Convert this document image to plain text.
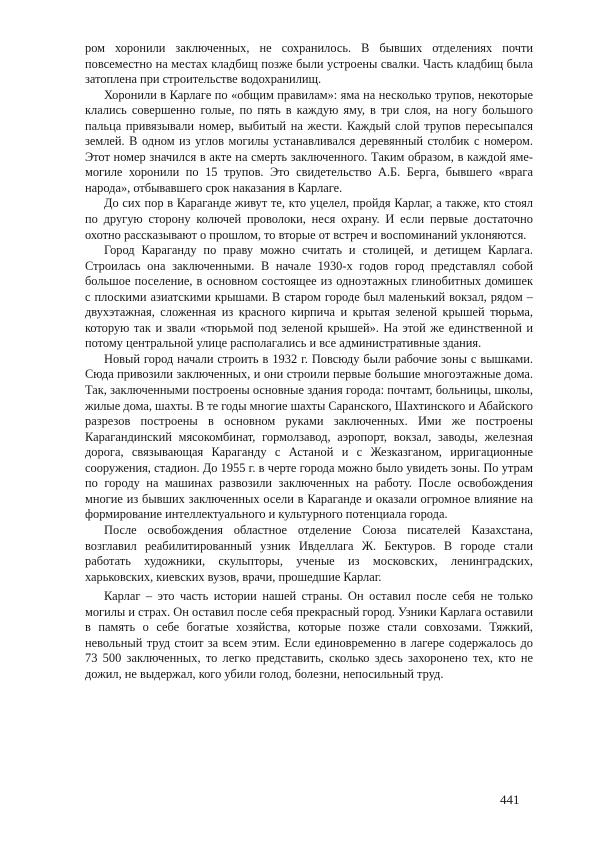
ром хоронили заключенных, не сохранилось. В бывших отделениях почти повсеместно на местах кладбищ позже были устроены свалки. Часть кладбищ была затоплена при строительстве водохранилищ.

Хоронили в Карлаге по «общим правилам»: яма на несколько трупов, некоторые клались совершенно голые, по пять в каждую яму, в три слоя, на ногу большого пальца привязывали номер, выбитый на жести. Каждый слой трупов пересыпался землей. В одном из углов могилы устанавливался деревянный столбик с номером. Этот номер значился в акте на смерть заключенного. Таким образом, в каждой яме-могиле хоронили по 15 трупов. Это свидетельство А.Б. Берга, бывшего «врага народа», отбывавшего срок наказания в Карлаге.

До сих пор в Караганде живут те, кто уцелел, пройдя Карлаг, а также, кто стоял по другую сторону колючей проволоки, неся охрану. И если первые достаточно охотно рассказывают о прошлом, то вторые от встреч и воспоминаний уклоняются.

Город Караганду по праву можно считать и столицей, и детищем Карлага. Строилась она заключенными. В начале 1930-х годов город представлял собой большое поселение, в основном состоящее из одноэтажных глинобитных домишек с плоскими азиатскими крышами. В старом городе был маленький вокзал, рядом – двухэтажная, сложенная из красного кирпича и крытая зеленой крышей тюрьма, которую так и звали «тюрьмой под зеленой крышей». На этой же единственной и потому центральной улице располагались и все административные здания.

Новый город начали строить в 1932 г. Повсюду были рабочие зоны с вышками. Сюда привозили заключенных, и они строили первые большие многоэтажные дома. Так, заключенными построены основные здания города: почтамт, больницы, школы, жилые дома, шахты. В те годы многие шахты Саранского, Шахтинского и Абайского разрезов построены в основном руками заключенных. Ими же построены Карагандинский мясокомбинат, гормолзавод, аэропорт, вокзал, заводы, железная дорога, связывающая Караганду с Астаной и с Жезказганом, ирригационные сооружения, стадион. До 1955 г. в черте города можно было увидеть зоны. По утрам по городу на машинах развозили заключенных на работу. После освобождения многие из бывших заключенных осели в Караганде и оказали огромное влияние на формирование интеллектуального и культурного потенциала города.

После освобождения областное отделение Союза писателей Казахстана, возглавил реабилитированный узник Ивделлага Ж. Бектуров. В городе стали работать художники, скульпторы, ученые из московских, ленинградских, харьковских, киевских вузов, врачи, прошедшие Карлаг.

Карлаг – это часть истории нашей страны. Он оставил после себя не только могилы и страх. Он оставил после себя прекрасный город. Узники Карлага оставили в память о себе богатые хозяйства, которые позже стали совхозами. Тяжкий, невольный труд стоит за всем этим. Если единовременно в лагере содержалось до 73 500 заключенных, то легко представить, сколько здесь захоронено тех, кто не дожил, не выдержал, кого убили голод, болезни, непосильный труд.

441
